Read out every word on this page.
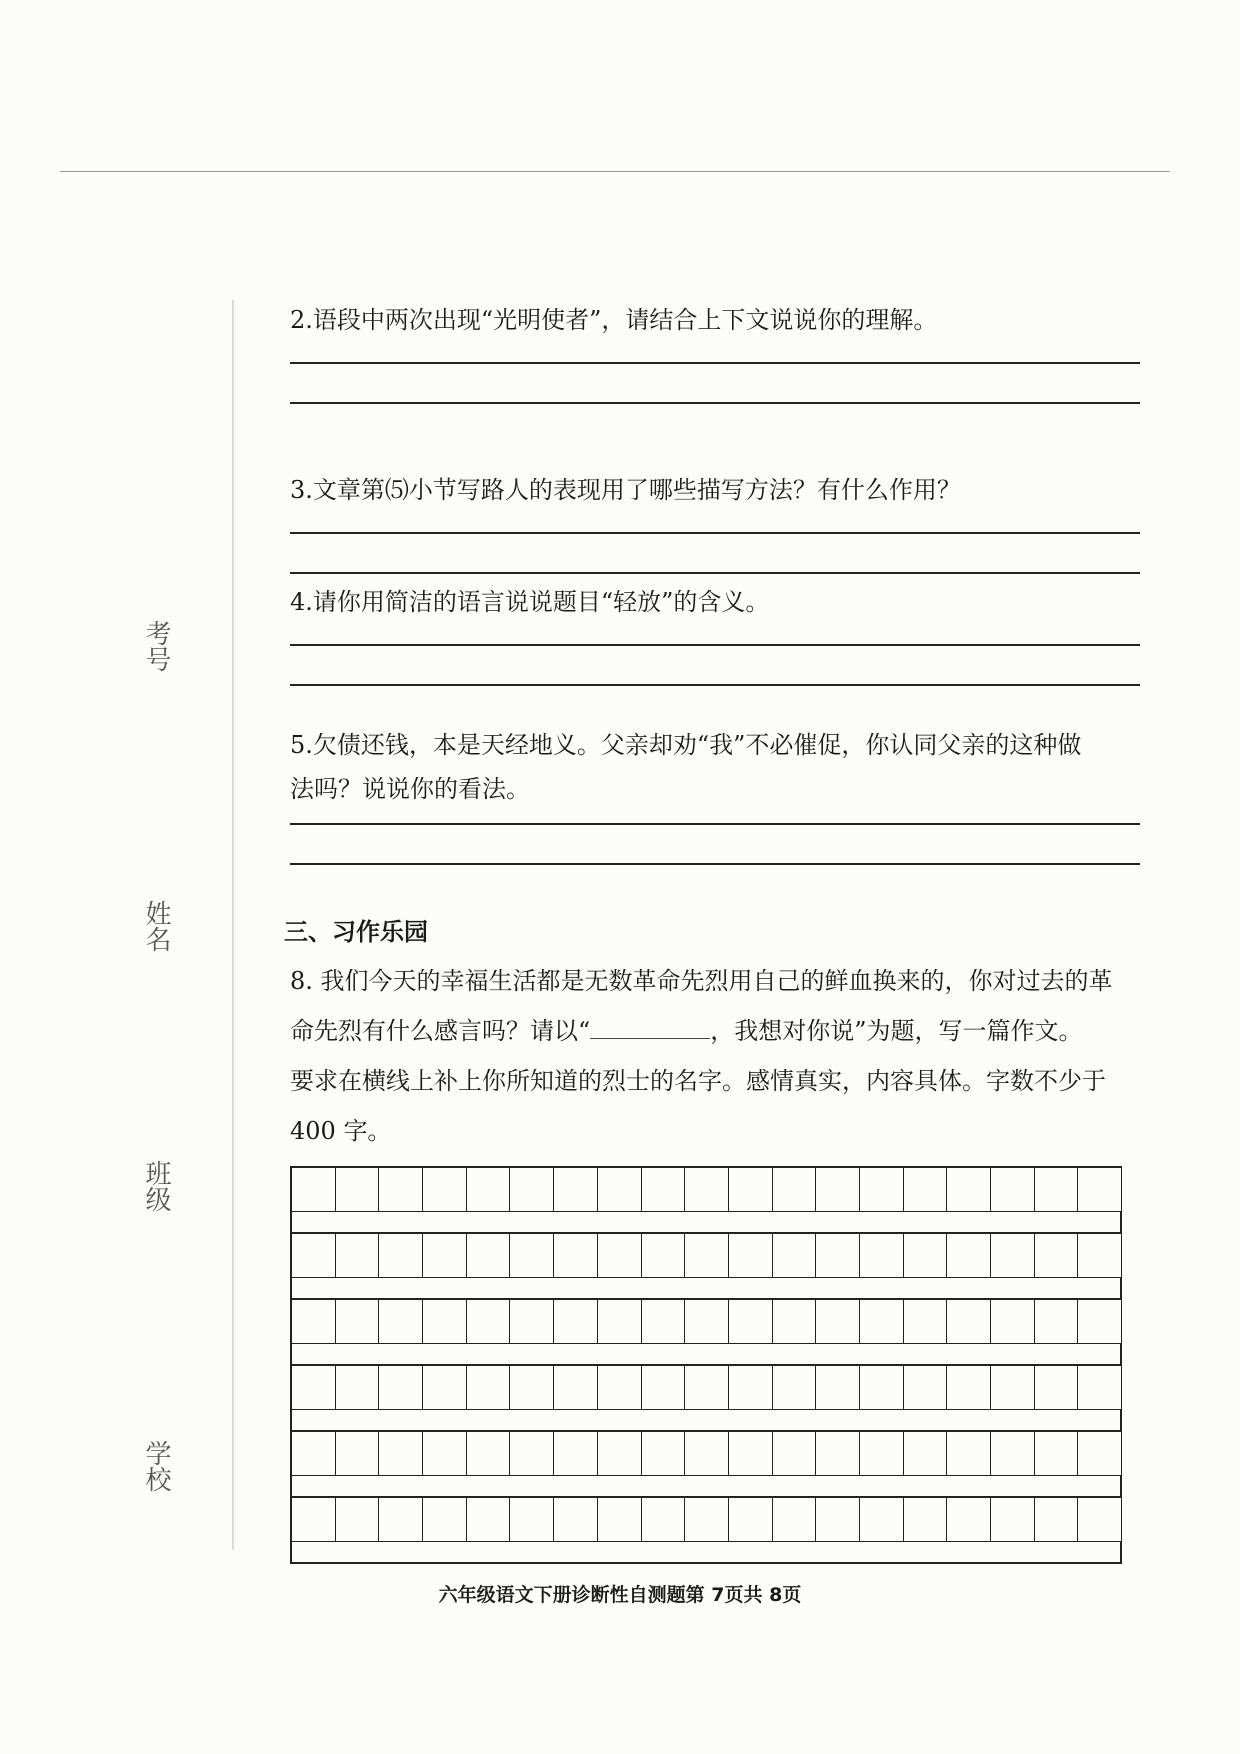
考号
姓名
班级
学校
2.语段中两次出现“光明使者”，请结合上下文说说你的理解。
3.文章第⑸小节写路人的表现用了哪些描写方法？有什么作用？
4.请你用简洁的语言说说题目“轻放”的含义。
5.欠债还钱，本是天经地义。父亲却劝“我”不必催促，你认同父亲的这种做
法吗？说说你的看法。
三、习作乐园
8. 我们今天的幸福生活都是无数革命先烈用自己的鲜血换来的，你对过去的革
命先烈有什么感言吗？请以“	，我想对你说”为题，写一篇作文。
要求在横线上补上你所知道的烈士的名字。感情真实，内容具体。字数不少于
400 字。
六年级语文下册诊断性自测题第 7页共 8页
